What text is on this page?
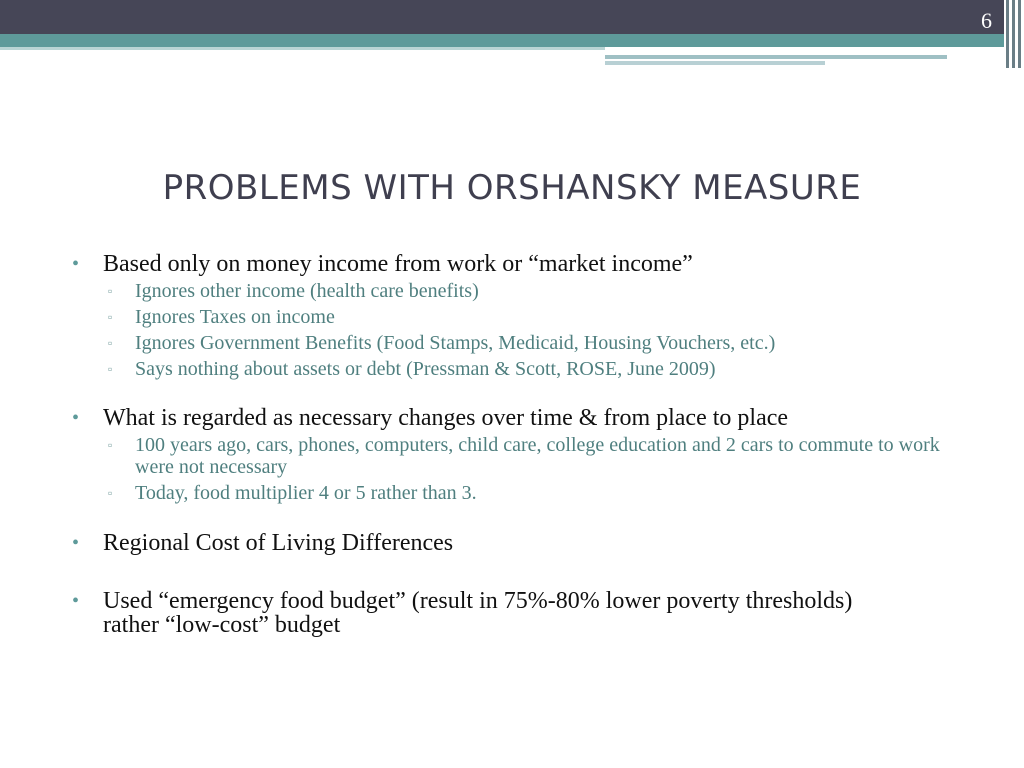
6
PROBLEMS WITH ORSHANSKY MEASURE
• Based only on money income from work or “market income”
▫ Ignores other income (health care benefits)
▫ Ignores Taxes on income
▫ Ignores Government Benefits (Food Stamps, Medicaid, Housing Vouchers, etc.)
▫ Says nothing about assets or debt (Pressman & Scott, ROSE, June 2009)
• What is regarded as necessary changes over time & from place to place
▫ 100 years ago, cars, phones, computers, child care, college education and 2 cars to commute to work were not necessary
▫ Today, food multiplier 4 or 5 rather than 3.
• Regional Cost of Living Differences
• Used “emergency food budget” (result in 75%-80% lower poverty thresholds) rather “low-cost” budget
